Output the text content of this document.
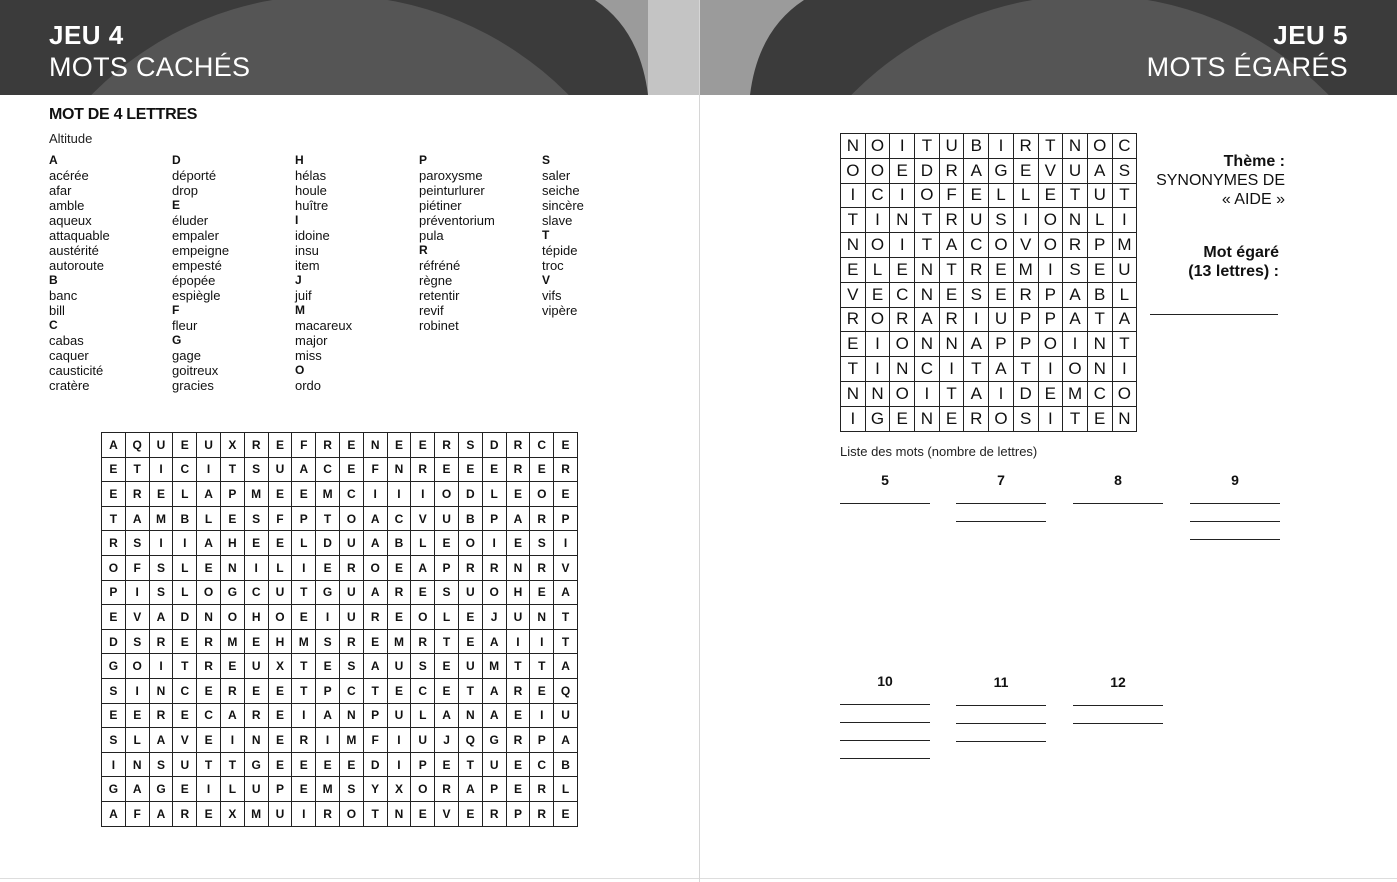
JEU 4
MOTS CACHÉS
MOT DE 4 LETTRES
Altitude
A
acérée
afar
amble
aqueux
attaquable
austérité
autoroute
B
banc
bill
C
cabas
caquer
causticité
cratère
D
déporté
drop
E
éluder
empaler
empeigne
empesté
épopée
espiègle
F
fleur
G
gage
goitreux
gracies
H
hélas
houle
huître
I
idoine
insu
item
J
juif
M
macareux
major
miss
O
ordo
P
paroxysme
peinturlurer
piétiner
préventorium
pula
R
réfréné
règne
retentir
revif
robinet
S
saler
seiche
sincère
slave
T
tépide
troc
V
vifs
vipère
A	Q	U	E	U	X	R	E	F	R	E	N	E	E	R	S	D	R	C	E
E	T	I	C	I	T	S	U	A	C	E	F	N	R	E	E	E	R	E	R
E	R	E	L	A	P	M	E	E	M	C	I	I	I	O	D	L	E	O	E
T	A	M	B	L	E	S	F	P	T	O	A	C	V	U	B	P	A	R	P
R	S	I	I	A	H	E	E	L	D	U	A	B	L	E	O	I	E	S	I
O	F	S	L	E	N	I	L	I	E	R	O	E	A	P	R	R	N	R	V
P	I	S	L	O	G	C	U	T	G	U	A	R	E	S	U	O	H	E	A
E	V	A	D	N	O	H	O	E	I	U	R	E	O	L	E	J	U	N	T
D	S	R	E	R	M	E	H	M	S	R	E	M	R	T	E	A	I	I	T
G	O	I	T	R	E	U	X	T	E	S	A	U	S	E	U	M	T	T	A
S	I	N	C	E	R	E	E	T	P	C	T	E	C	E	T	A	R	E	Q
E	E	R	E	C	A	R	E	I	A	N	P	U	L	A	N	A	E	I	U
S	L	A	V	E	I	N	E	R	I	M	F	I	U	J	Q	G	R	P	A
I	N	S	U	T	T	G	E	E	E	E	D	I	P	E	T	U	E	C	B
G	A	G	E	I	L	U	P	E	M	S	Y	X	O	R	A	P	E	R	L
A	F	A	R	E	X	M	U	I	R	O	T	N	E	V	E	R	P	R	E
JEU 5
MOTS ÉGARÉS
N	O	I	T	U	B	I	R	T	N	O	C
O	O	E	D	R	A	G	E	V	U	A	S
I	C	I	O	F	E	L	L	E	T	U	T
T	I	N	T	R	U	S	I	O	N	L	I
N	O	I	T	A	C	O	V	O	R	P	M
E	L	E	N	T	R	E	M	I	S	E	U
V	E	C	N	E	S	E	R	P	A	B	L
R	O	R	A	R	I	U	P	P	A	T	A
E	I	O	N	N	A	P	P	O	I	N	T
T	I	N	C	I	T	A	T	I	O	N	I
N	N	O	I	T	A	I	D	E	M	C	O
I	G	E	N	E	R	O	S	I	T	E	N
Thème :
SYNONYMES DE
« AIDE »
Mot égaré
(13 lettres) :
Liste des mots (nombre de lettres)
5	7	8	9
10	11	12
